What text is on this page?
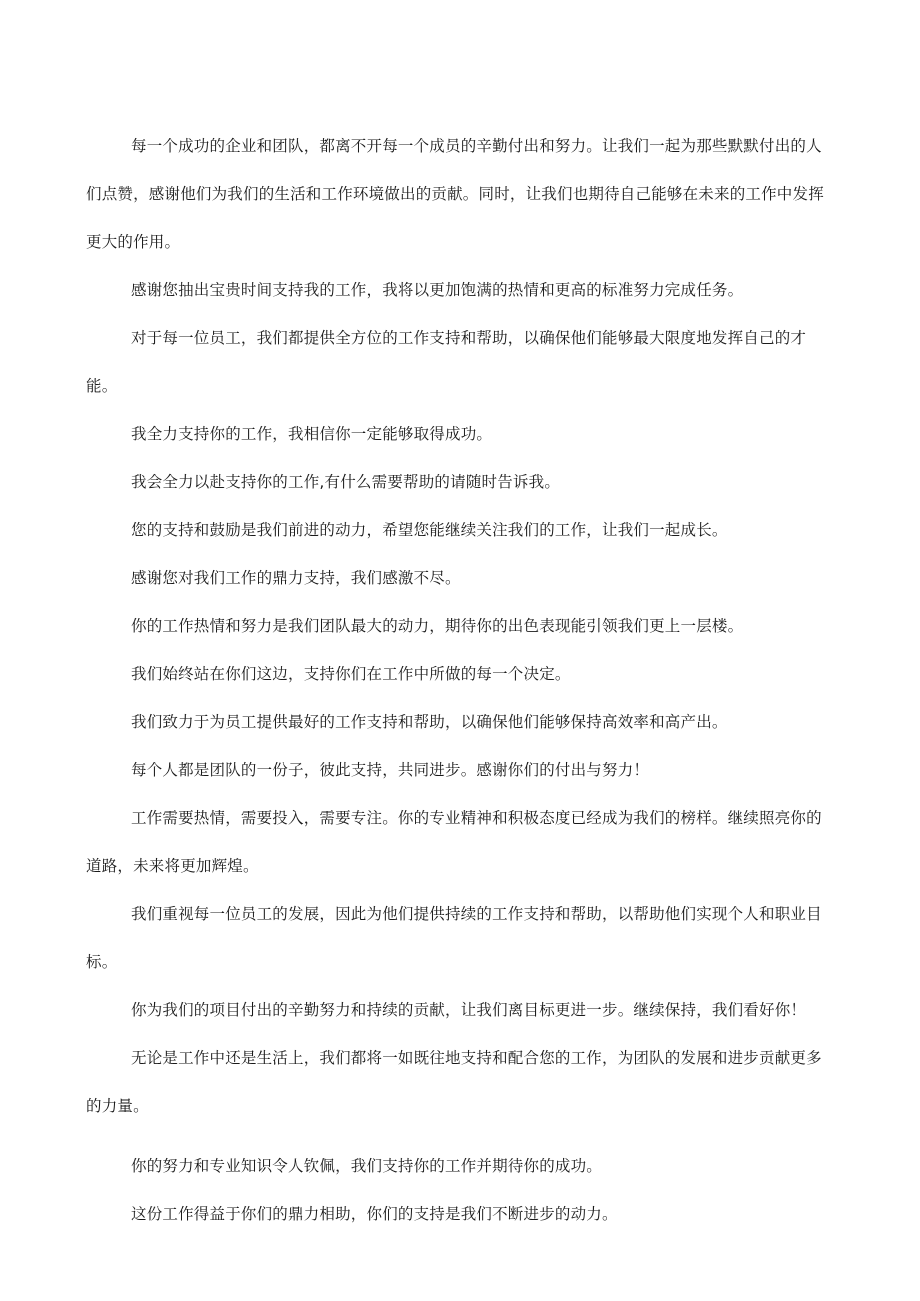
每一个成功的企业和团队，都离不开每一个成员的辛勤付出和努力。让我们一起为那些默默付出的人们点赞，感谢他们为我们的生活和工作环境做出的贡献。同时，让我们也期待自己能够在未来的工作中发挥更大的作用。

感谢您抽出宝贵时间支持我的工作，我将以更加饱满的热情和更高的标准努力完成任务。

对于每一位员工，我们都提供全方位的工作支持和帮助，以确保他们能够最大限度地发挥自己的才能。

我全力支持你的工作，我相信你一定能够取得成功。

我会全力以赴支持你的工作,有什么需要帮助的请随时告诉我。

您的支持和鼓励是我们前进的动力，希望您能继续关注我们的工作，让我们一起成长。

感谢您对我们工作的鼎力支持，我们感激不尽。

你的工作热情和努力是我们团队最大的动力，期待你的出色表现能引领我们更上一层楼。

我们始终站在你们这边，支持你们在工作中所做的每一个决定。

我们致力于为员工提供最好的工作支持和帮助，以确保他们能够保持高效率和高产出。

每个人都是团队的一份子，彼此支持，共同进步。感谢你们的付出与努力！

工作需要热情，需要投入，需要专注。你的专业精神和积极态度已经成为我们的榜样。继续照亮你的道路，未来将更加辉煌。

我们重视每一位员工的发展，因此为他们提供持续的工作支持和帮助，以帮助他们实现个人和职业目标。

你为我们的项目付出的辛勤努力和持续的贡献，让我们离目标更进一步。继续保持，我们看好你！

无论是工作中还是生活上，我们都将一如既往地支持和配合您的工作，为团队的发展和进步贡献更多的力量。

你的努力和专业知识令人钦佩，我们支持你的工作并期待你的成功。

这份工作得益于你们的鼎力相助，你们的支持是我们不断进步的动力。
